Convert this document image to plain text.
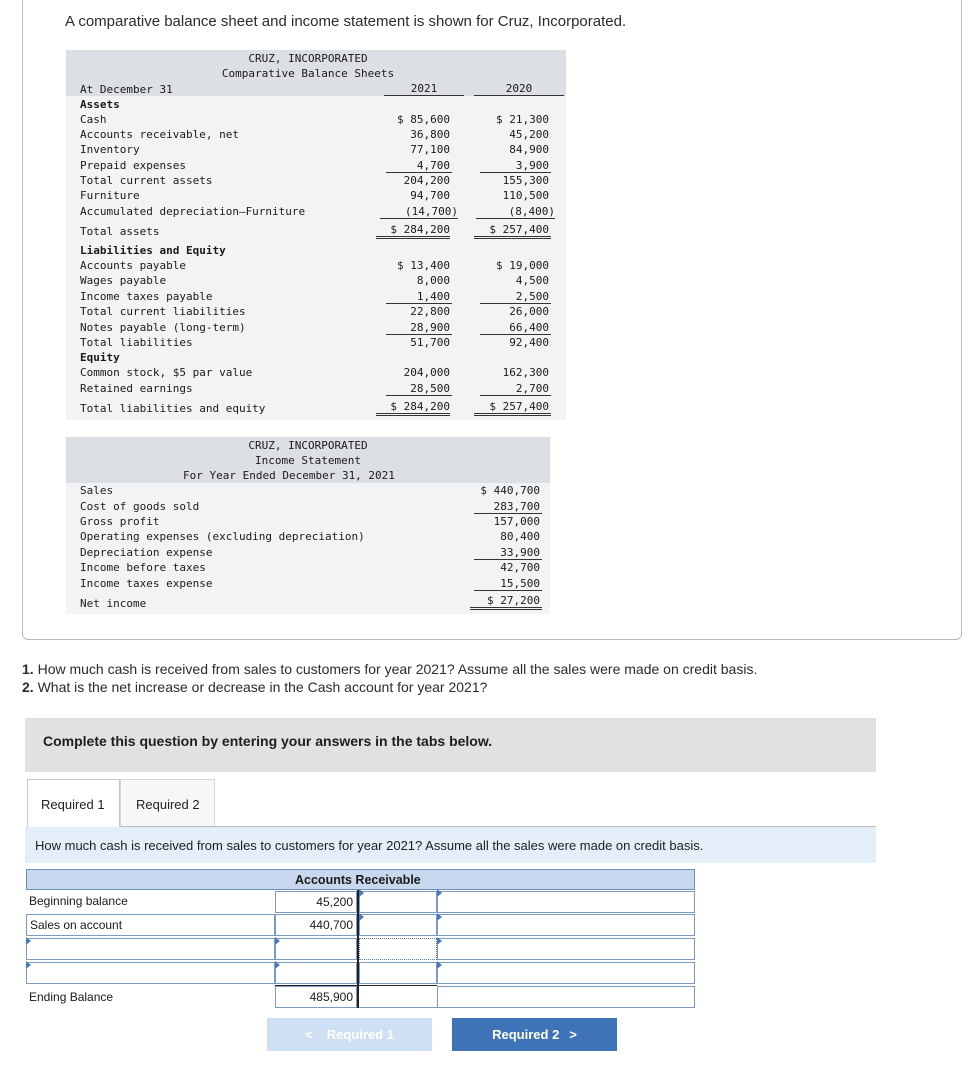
A comparative balance sheet and income statement is shown for Cruz, Incorporated.
CRUZ, INCORPORATED
Comparative Balance Sheets
At December 31	2021	2020
Assets
Cash	$ 85,600	$ 21,300
Accounts receivable, net	36,800	45,200
Inventory	77,100	84,900
Prepaid expenses	4,700	3,900
Total current assets	204,200	155,300
Furniture	94,700	110,500
Accumulated depreciation—Furniture	(14,700)	(8,400)
Total assets	$ 284,200	$ 257,400
Liabilities and Equity
Accounts payable	$ 13,400	$ 19,000
Wages payable	8,000	4,500
Income taxes payable	1,400	2,500
Total current liabilities	22,800	26,000
Notes payable (long-term)	28,900	66,400
Total liabilities	51,700	92,400
Equity
Common stock, $5 par value	204,000	162,300
Retained earnings	28,500	2,700
Total liabilities and equity	$ 284,200	$ 257,400
CRUZ, INCORPORATED
Income Statement
For Year Ended December 31, 2021
Sales	$ 440,700
Cost of goods sold	283,700
Gross profit	157,000
Operating expenses (excluding depreciation)	80,400
Depreciation expense	33,900
Income before taxes	42,700
Income taxes expense	15,500
Net income	$ 27,200
1. How much cash is received from sales to customers for year 2021? Assume all the sales were made on credit basis.
2. What is the net increase or decrease in the Cash account for year 2021?
Complete this question by entering your answers in the tabs below.
Required 1	Required 2
How much cash is received from sales to customers for year 2021? Assume all the sales were made on credit basis.
Accounts Receivable
Beginning balance	45,200
Sales on account	440,700
Ending Balance	485,900
< Required 1	Required 2 >
